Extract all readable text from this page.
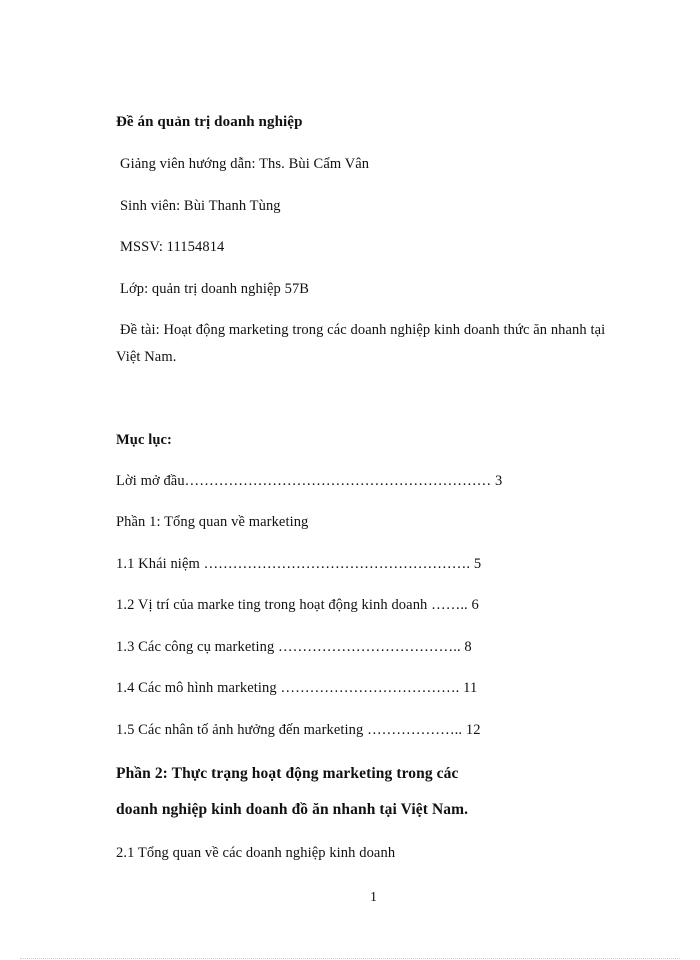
Đề án quản trị doanh nghiệp
Giảng viên hướng dẫn: Ths. Bùi Cẩm Vân
Sinh viên: Bùi Thanh Tùng
MSSV: 11154814
Lớp: quản trị doanh nghiệp 57B
Đề tài: Hoạt động marketing trong các doanh nghiệp kinh doanh thức ăn nhanh tại
Việt Nam.
Mục lục:
Lời mở đầu……………………………………………………… 3
Phần 1: Tổng quan về marketing
1.1 Khái niệm ………………………………………………. 5
1.2 Vị trí của marke ting trong hoạt động kinh doanh …….. 6
1.3 Các công cụ marketing ……………………………….. 8
1.4 Các mô hình marketing ………………………………. 11
1.5 Các nhân tố ảnh hưởng đến marketing ……………….. 12
Phần 2: Thực trạng hoạt động marketing trong các
doanh nghiệp kinh doanh đồ ăn nhanh tại Việt Nam.
2.1 Tổng quan về các doanh nghiệp kinh doanh
1
